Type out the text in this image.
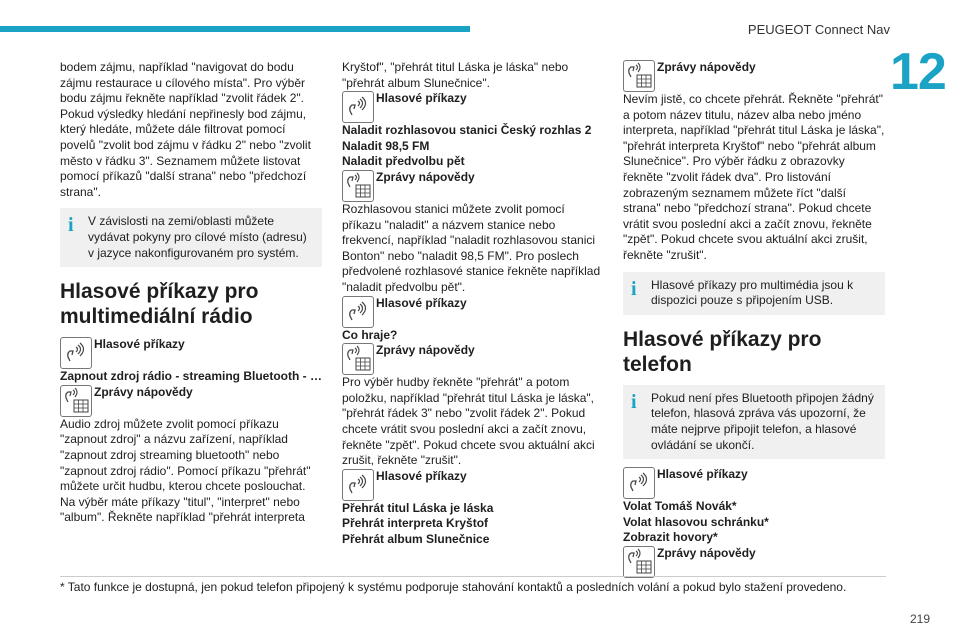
PEUGEOT Connect Nav
12

bodem zájmu, například "navigovat do bodu zájmu restaurace u cílového místa". Pro výběr bodu zájmu řekněte například "zvolit řádek 2". Pokud výsledky hledání nepřinesly bod zájmu, který hledáte, můžete dále filtrovat pomocí povelů "zvolit bod zájmu v řádku 2" nebo "zvolit město v řádku 3". Seznamem můžete listovat pomocí příkazů "další strana" nebo "předchozí strana".

i V závislosti na zemi/oblasti můžete vydávat pokyny pro cílové místo (adresu) v jazyce nakonfigurovaném pro systém.

Hlasové příkazy pro multimediální rádio
Hlasové příkazy

Zapnout zdroj rádio - streaming Bluetooth - …

Zprávy nápovědy

Audio zdroj můžete zvolit pomocí příkazu "zapnout zdroj" a názvu zařízení, například "zapnout zdroj streaming bluetooth" nebo "zapnout zdroj rádio". Pomocí příkazu "přehrát" můžete určit hudbu, kterou chcete poslouchat. Na výběr máte příkazy "titul", "interpret" nebo "album". Řekněte například "přehrát interpreta

Kryštof", "přehrát titul Láska je láska" nebo "přehrát album Slunečnice".

Hlasové příkazy

Naladit rozhlasovou stanici Český rozhlas 2

Naladit 98,5 FM

Naladit předvolbu pět

Zprávy nápovědy

Rozhlasovou stanici můžete zvolit pomocí příkazu "naladit" a názvem stanice nebo frekvencí, například "naladit rozhlasovou stanici Bonton" nebo "naladit 98,5 FM". Pro poslech předvolené rozhlasové stanice řekněte například "naladit předvolbu pět".

Hlasové příkazy

Co hraje?

Zprávy nápovědy

Pro výběr hudby řekněte "přehrát" a potom položku, například "přehrát titul Láska je láska", "přehrát řádek 3" nebo "zvolit řádek 2". Pokud chcete vrátit svou poslední akci a začít znovu, řekněte "zpět". Pokud chcete svou aktuální akci zrušit, řekněte "zrušit".

Hlasové příkazy

Přehrát titul Láska je láska

Přehrát interpreta Kryštof

Přehrát album Slunečnice

Zprávy nápovědy

Nevím jistě, co chcete přehrát. Řekněte "přehrát" a potom název titulu, název alba nebo jméno interpreta, například "přehrát titul Láska je láska", "přehrát interpreta Kryštof" nebo "přehrát album Slunečnice". Pro výběr řádku z obrazovky řekněte "zvolit řádek dva". Pro listování zobrazeným seznamem můžete říct "další strana" nebo "předchozí strana". Pokud chcete vrátit svou poslední akci a začít znovu, řekněte "zpět". Pokud chcete svou aktuální akci zrušit, řekněte "zrušit".

i Hlasové příkazy pro multimédia jsou k dispozici pouze s připojením USB.

Hlasové příkazy pro telefon
i Pokud není přes Bluetooth připojen žádný telefon, hlasová zpráva vás upozorní, že máte nejprve připojit telefon, a hlasové ovládání se ukončí.

Hlasové příkazy

Volat Tomáš Novák*

Volat hlasovou schránku*

Zobrazit hovory*

Zprávy nápovědy
* Tato funkce je dostupná, jen pokud telefon připojený k systému podporuje stahování kontaktů a posledních volání a pokud bylo stažení provedeno.
219
